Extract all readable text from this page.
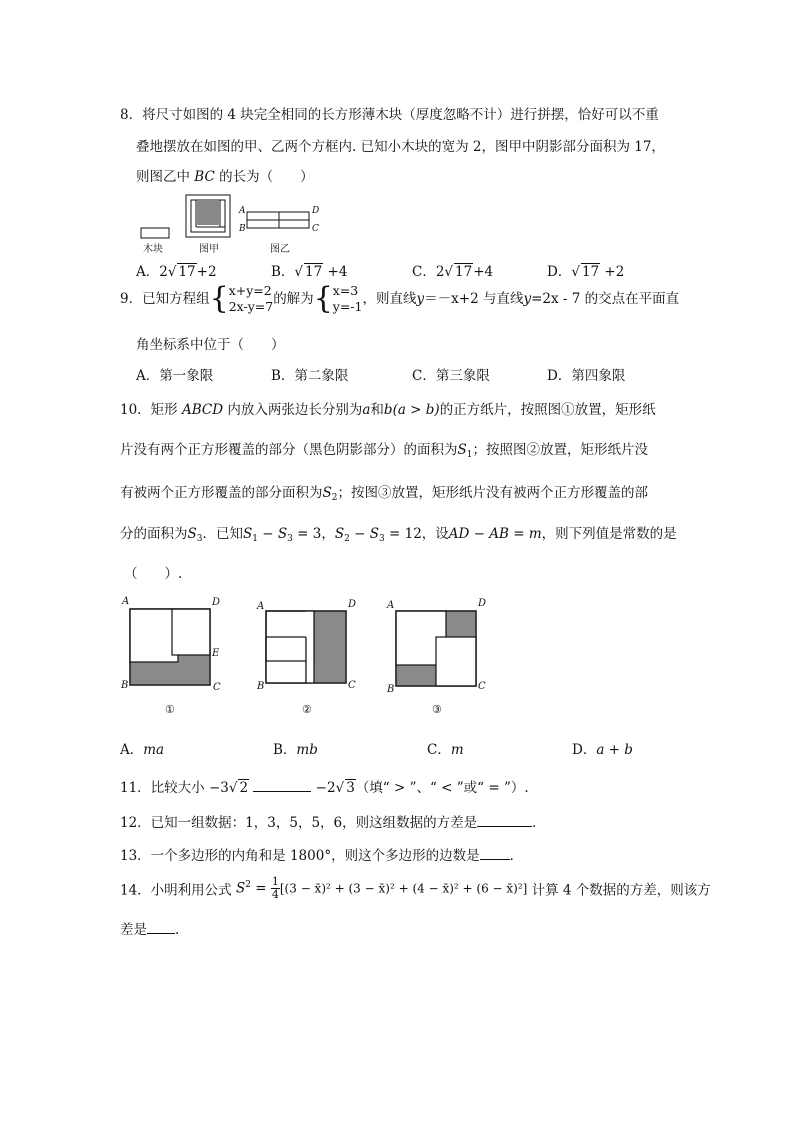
8．将尺寸如图的 4 块完全相同的长方形薄木块（厚度忽略不计）进行拼摆，恰好可以不重
叠地摆放在如图的甲、乙两个方框内. 已知小木块的宽为 2，图甲中阴影部分面积为 17，
则图乙中 BC 的长为（　　）
木块	图甲	图乙
A
B	C
D
A．2√ 17+2	B．√ 17 +4	C．2√ 17+4	D．√ 17 +2
9．已知方程组{x+y=2
2x-y=7的解为{x=3
y=-1，则直线y＝－x+2 与直线y=2x - 7 的交点在平面直
角坐标系中位于（　　）
A．第一象限	B．第二象限	C．第三象限	D．第四象限
10．矩形 ABCD 内放入两张边长分别为a和b(a > b)的正方纸片，按照图①放置，矩形纸
片没有两个正方形覆盖的部分（黑色阴影部分）的面积为$S_1$；按照图②放置，矩形纸片没
有被两个正方形覆盖的部分面积为$S_2$；按图③放置，矩形纸片没有被两个正方形覆盖的部
分的面积为$S_3$．已知$S_1 - S_3 = 3$，$S_2 - S_3 = 12$，设AD − AB = m，则下列值是常数的是
（　　）.
A	D
E
B	C
①
A	D
B	C
②
A	D
B	C
③
A．ma	B．mb	C．m	D．a + b
11．比较大小 −3√ 2	−2√ 3（填“ > ”、“ < ”或“ = ”）.
12．已知一组数据：1，3，5，5，6，则这组数据的方差是	．
13．一个多边形的内角和是 1800°，则这个多边形的边数是 ．
14．小明利用公式 $S^2 = \frac{1}{4} [(3$ − x̄)² + (3 − x̄)² + (4 − x̄)² + (6 − x̄)²] 计算 4 个数据的方差，则该方
差是 .
